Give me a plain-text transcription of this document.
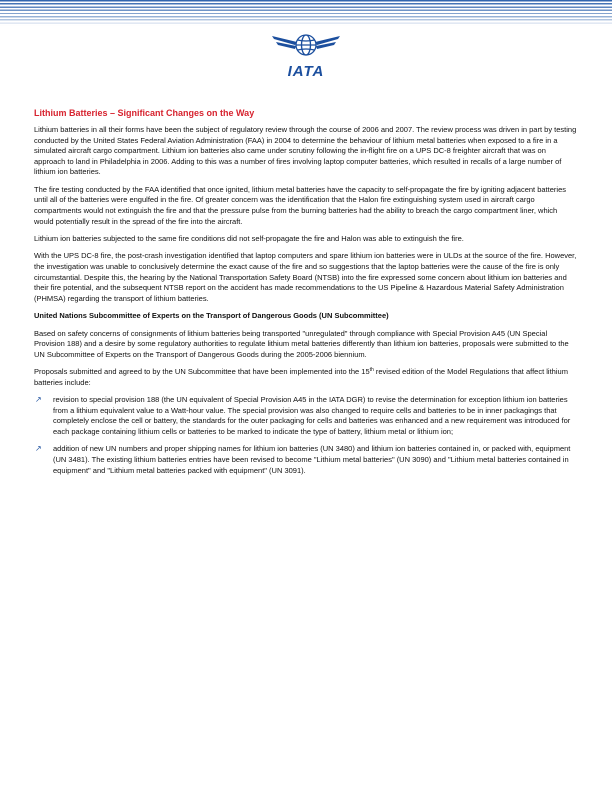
IATA
Lithium Batteries – Significant Changes on the Way

Lithium batteries in all their forms have been the subject of regulatory review through the course of 2006 and 2007. The review process was driven in part by testing conducted by the United States Federal Aviation Administration (FAA) in 2004 to determine the behaviour of lithium metal batteries when exposed to a fire in a simulated aircraft cargo compartment. Lithium ion batteries also came under scrutiny following the in-flight fire on a UPS DC-8 freighter aircraft that was on approach to land in Philadelphia in 2006. Adding to this was a number of fires involving laptop computer batteries, which resulted in recalls of a large number of lithium ion batteries.

The fire testing conducted by the FAA identified that once ignited, lithium metal batteries have the capacity to self-propagate the fire by igniting adjacent batteries until all of the batteries were engulfed in the fire. Of greater concern was the identification that the Halon fire extinguishing system used in aircraft cargo compartments would not extinguish the fire and that the pressure pulse from the burning batteries had the ability to breach the cargo compartment liner, which would potentially result in the spread of the fire into the aircraft.

Lithium ion batteries subjected to the same fire conditions did not self-propagate the fire and Halon was able to extinguish the fire.

With the UPS DC-8 fire, the post-crash investigation identified that laptop computers and spare lithium ion batteries were in ULDs at the source of the fire. However, the investigation was unable to conclusively determine the exact cause of the fire and so suggestions that the laptop batteries were the cause of the fire is only circumstantial. Despite this, the hearing by the National Transportation Safety Board (NTSB) into the fire expressed some concern about lithium ion batteries and their fire potential, and the subsequent NTSB report on the accident has made recommendations to the US Pipeline & Hazardous Material Safety Administration (PHMSA) regarding the transport of lithium batteries.

United Nations Subcommittee of Experts on the Transport of Dangerous Goods (UN Subcommittee)

Based on safety concerns of consignments of lithium batteries being transported "unregulated" through compliance with Special Provision A45 (UN Special Provision 188) and a desire by some regulatory authorities to regulate lithium metal batteries differently than lithium ion batteries, proposals were submitted to the UN Subcommittee of Experts on the Transport of Dangerous Goods during the 2005-2006 biennium.

Proposals submitted and agreed to by the UN Subcommittee that have been implemented into the 15th revised edition of the Model Regulations that affect lithium batteries include:

↗ revision to special provision 188 (the UN equivalent of Special Provision A45 in the IATA DGR) to revise the determination for exception lithium ion batteries from a lithium equivalent value to a Watt-hour value. The special provision was also changed to require cells and batteries to be in inner packagings that completely enclose the cell or battery, the standards for the outer packaging for cells and batteries was enhanced and a new requirement was introduced for each package containing lithium cells or batteries to be marked to indicate the type of battery, lithium metal or lithium ion;
↗ addition of new UN numbers and proper shipping names for lithium ion batteries (UN 3480) and lithium ion batteries contained in, or packed with, equipment (UN 3481). The existing lithium batteries entries have been revised to become "Lithium metal batteries" (UN 3090) and "Lithium metal batteries contained in equipment" and "Lithium metal batteries packed with equipment" (UN 3091).
